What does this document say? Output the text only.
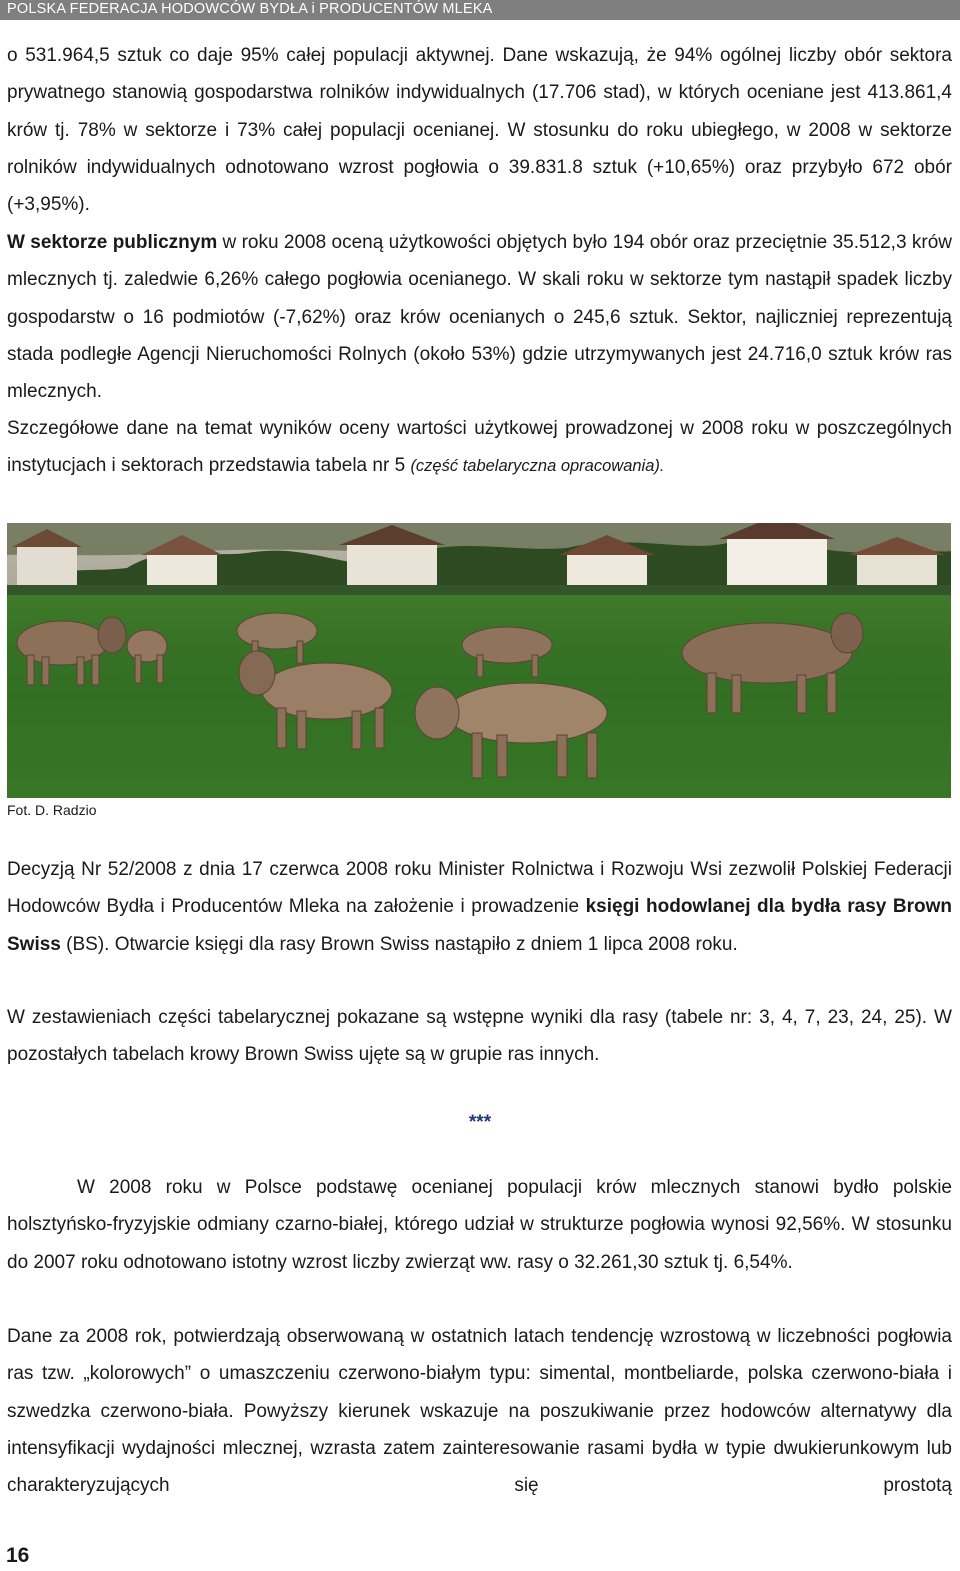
POLSKA FEDERACJA HODOWCÓW BYDŁA i PRODUCENTÓW MLEKA

o 531.964,5 sztuk co daje 95% całej populacji aktywnej. Dane wskazują, że 94% ogólnej liczby obór sektora prywatnego stanowią gospodarstwa rolników indywidualnych (17.706 stad), w których oceniane jest 413.861,4 krów tj. 78% w sektorze i 73% całej populacji ocenianej. W stosunku do roku ubiegłego, w 2008 w sektorze rolników indywidualnych odnotowano wzrost pogłowia o 39.831.8 sztuk (+10,65%) oraz przybyło 672 obór (+3,95%).

W sektorze publicznym w roku 2008 oceną użytkowości objętych było 194 obór oraz przeciętnie 35.512,3 krów mlecznych tj. zaledwie 6,26% całego pogłowia ocenianego. W skali roku w sektorze tym nastąpił spadek liczby gospodarstw o 16 podmiotów (-7,62%) oraz krów ocenianych o 245,6 sztuk. Sektor, najliczniej reprezentują stada podległe Agencji Nieruchomości Rolnych (około 53%) gdzie utrzymywanych jest 24.716,0 sztuk krów ras mlecznych.

Szczegółowe dane na temat wyników oceny wartości użytkowej prowadzonej w 2008 roku w poszczególnych instytucjach i sektorach przedstawia tabela nr 5 (część tabelaryczna opracowania).

Fot. D. Radzio

Decyzją Nr 52/2008 z dnia 17 czerwca 2008 roku Minister Rolnictwa i Rozwoju Wsi zezwolił Polskiej Federacji Hodowców Bydła i Producentów Mleka na założenie i prowadzenie księgi hodowlanej dla bydła rasy Brown Swiss (BS). Otwarcie księgi dla rasy Brown Swiss nastąpiło z dniem 1 lipca 2008 roku.

W zestawieniach części tabelarycznej pokazane są wstępne wyniki dla rasy (tabele nr: 3, 4, 7, 23, 24, 25). W pozostałych tabelach krowy Brown Swiss ujęte są w grupie ras innych.

***

W 2008 roku w Polsce podstawę ocenianej populacji krów mlecznych stanowi bydło polskie holsztyńsko-fryzyjskie odmiany czarno-białej, którego udział w strukturze pogłowia wynosi 92,56%. W stosunku do 2007 roku odnotowano istotny wzrost liczby zwierząt ww. rasy o 32.261,30 sztuk tj. 6,54%.

Dane za 2008 rok, potwierdzają obserwowaną w ostatnich latach tendencję wzrostową w liczebności pogłowia ras tzw. „kolorowych” o umaszczeniu czerwono-białym typu: simental, montbeliarde, polska czerwono-biała i szwedzka czerwono-biała. Powyższy kierunek wskazuje na poszukiwanie przez hodowców alternatywy dla intensyfikacji wydajności mlecznej, wzrasta zatem zainteresowanie rasami bydła w typie dwukierunkowym lub charakteryzujących się prostotą

16
